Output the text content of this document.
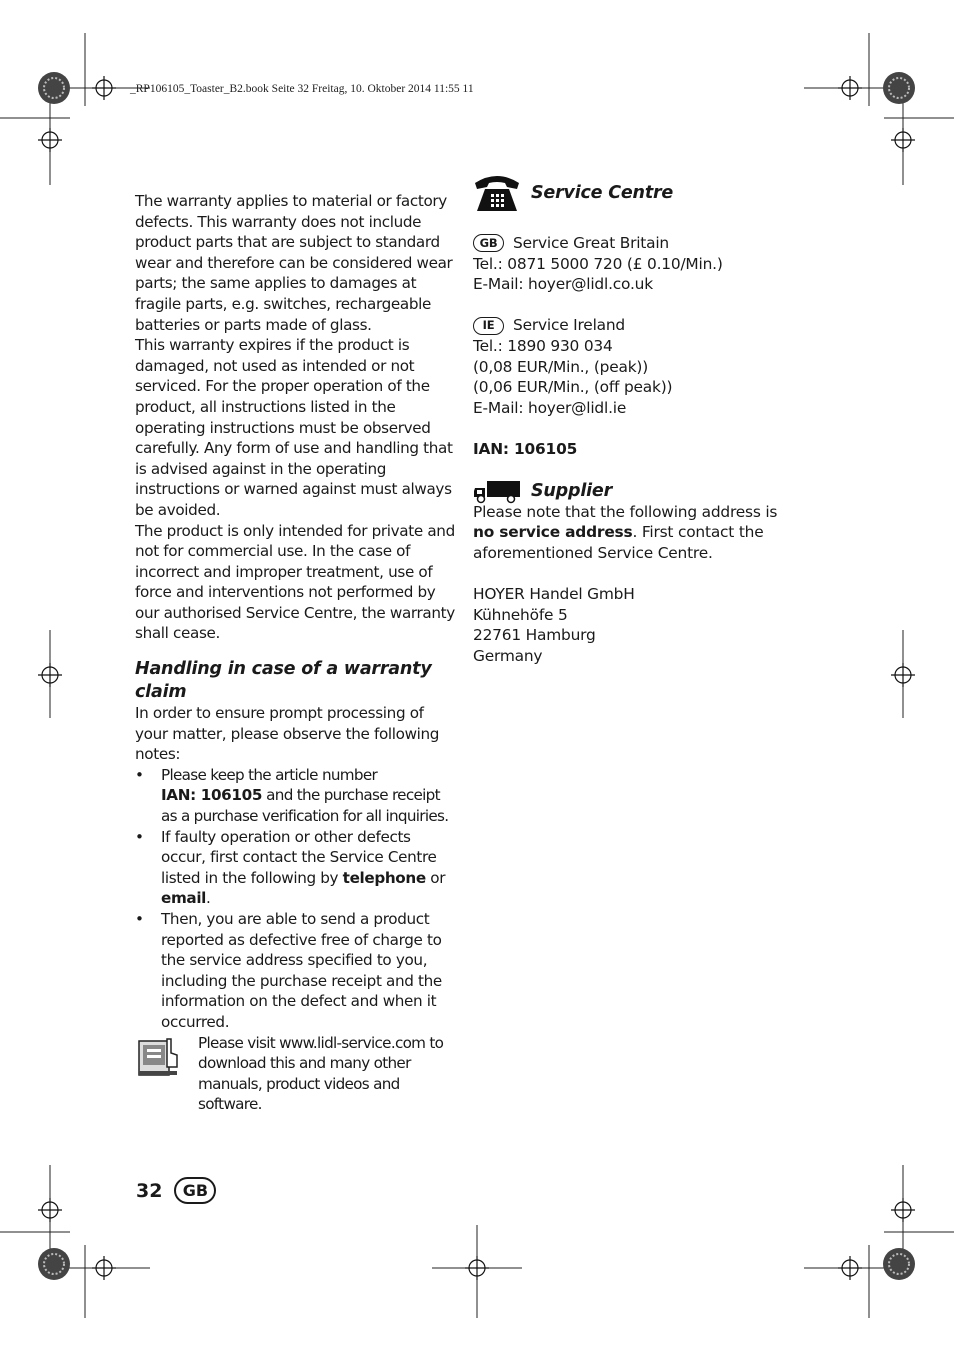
_RP106105_Toaster_B2.book Seite 32 Freitag, 10. Oktober 2014 11:55 11

The warranty applies to material or factory defects. This warranty does not include product parts that are subject to standard wear and therefore can be considered wear parts; the same applies to damages at fragile parts, e.g. switches, rechargeable batteries or parts made of glass.

This warranty expires if the product is damaged, not used as intended or not serviced. For the proper operation of the product, all instructions listed in the operating instructions must be observed carefully. Any form of use and handling that is advised against in the operating instructions or warned against must always be avoided.

The product is only intended for private and not for commercial use. In the case of incorrect and improper treatment, use of force and interventions not performed by our authorised Service Centre, the warranty shall cease.

Handling in case of a warranty claim

In order to ensure prompt processing of your matter, please observe the following notes:

• Please keep the article number
IAN: 106105 and the purchase receipt as a purchase verification for all inquiries.
• If faulty operation or other defects occur, first contact the Service Centre listed in the following by telephone or email.
• Then, you are able to send a product reported as defective free of charge to the service address specified to you, including the purchase receipt and the information on the defect and when it occurred.
Please visit www.lidl-service.com to download this and many other manuals, product videos and software.
Service Centre
GB	Service Great Britain

Tel.: 0871 5000 720 (£ 0.10/Min.)

E-Mail: hoyer@lidl.co.uk

IE	Service Ireland

Tel.: 1890 930 034

(0,08 EUR/Min., (peak))

(0,06 EUR/Min., (off peak))

E-Mail: hoyer@lidl.ie

IAN: 106105

Supplier

Please note that the following address is no service address. First contact the aforementioned Service Centre.

HOYER Handel GmbH

Kühnehöfe 5

22761 Hamburg

Germany

32	GB
